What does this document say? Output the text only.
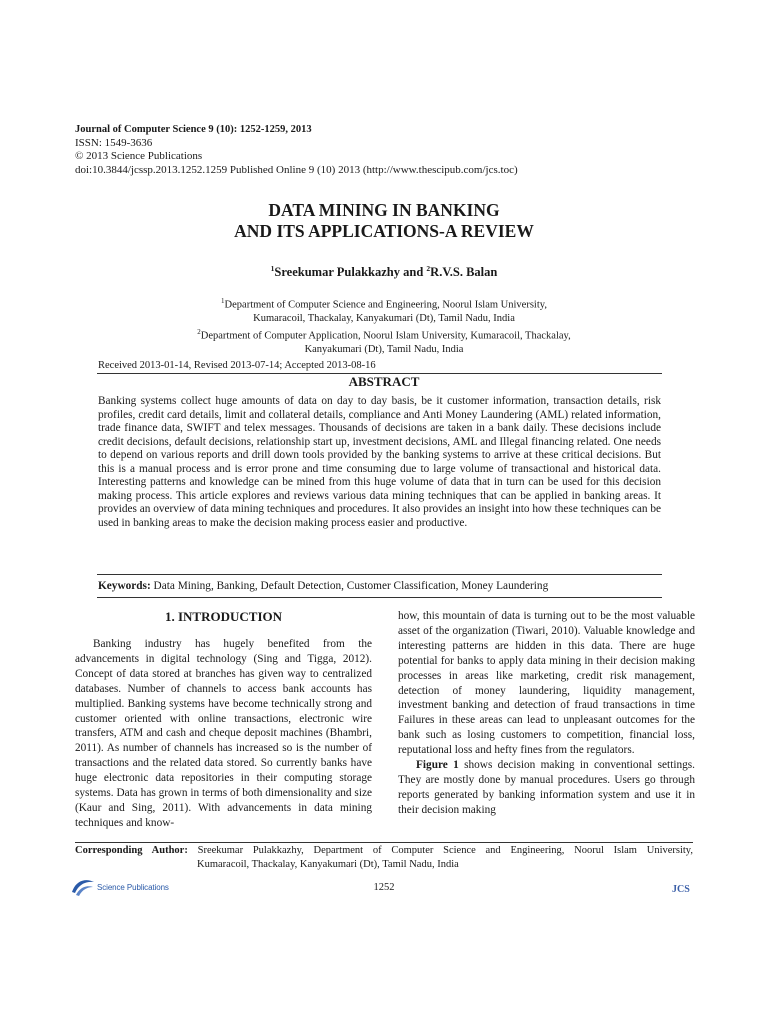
Journal of Computer Science 9 (10): 1252-1259, 2013
ISSN: 1549-3636
© 2013 Science Publications
doi:10.3844/jcssp.2013.1252.1259 Published Online 9 (10) 2013 (http://www.thescipub.com/jcs.toc)
DATA MINING IN BANKING
AND ITS APPLICATIONS-A REVIEW
$^1$Sreekumar Pulakkazhy and $^2$R.V.S. Balan
$^1$Department of Computer Science and Engineering, Noorul Islam University,
Kumaracoil, Thackalay, Kanyakumari (Dt), Tamil Nadu, India
$^2$Department of Computer Application, Noorul Islam University, Kumaracoil, Thackalay,
Kanyakumari (Dt), Tamil Nadu, India
Received 2013-01-14, Revised 2013-07-14; Accepted 2013-08-16
ABSTRACT
Banking systems collect huge amounts of data on day to day basis, be it customer information, transaction details, risk profiles, credit card details, limit and collateral details, compliance and Anti Money Laundering (AML) related information, trade finance data, SWIFT and telex messages. Thousands of decisions are taken in a bank daily. These decisions include credit decisions, default decisions, relationship start up, investment decisions, AML and Illegal financing related. One needs to depend on various reports and drill down tools provided by the banking systems to arrive at these critical decisions. But this is a manual process and is error prone and time consuming due to large volume of transactional and historical data. Interesting patterns and knowledge can be mined from this huge volume of data that in turn can be used for this decision making process. This article explores and reviews various data mining techniques that can be applied in banking areas. It provides an overview of data mining techniques and procedures. It also provides an insight into how these techniques can be used in banking areas to make the decision making process easier and productive.
Keywords: Data Mining, Banking, Default Detection, Customer Classification, Money Laundering
1. INTRODUCTION

Banking industry has hugely benefited from the advancements in digital technology (Sing and Tigga, 2012). Concept of data stored at branches has given way to centralized databases. Number of channels to access bank accounts has multiplied. Banking systems have become technically strong and customer oriented with online transactions, electronic wire transfers, ATM and cash and cheque deposit machines (Bhambri, 2011). As number of channels has increased so is the number of transactions and the related data stored. So currently banks have huge electronic data repositories in their computing storage systems. Data has grown in terms of both dimensionality and size (Kaur and Sing, 2011). With advancements in data mining techniques and know-

how, this mountain of data is turning out to be the most valuable asset of the organization (Tiwari, 2010). Valuable knowledge and interesting patterns are hidden in this data. There are huge potential for banks to apply data mining in their decision making processes in areas like marketing, credit risk management, detection of money laundering, liquidity management, investment banking and detection of fraud transactions in time Failures in these areas can lead to unpleasant outcomes for the bank such as losing customers to competition, financial loss, reputational loss and hefty fines from the regulators.

Figure 1 shows decision making in conventional settings. They are mostly done by manual procedures. Users go through reports generated by banking information system and use it in their decision making

Corresponding Author: Sreekumar Pulakkazhy, Department of Computer Science and Engineering, Noorul Islam University,
Kumaracoil, Thackalay, Kanyakumari (Dt), Tamil Nadu, India
Science Publications	1252	JCS
